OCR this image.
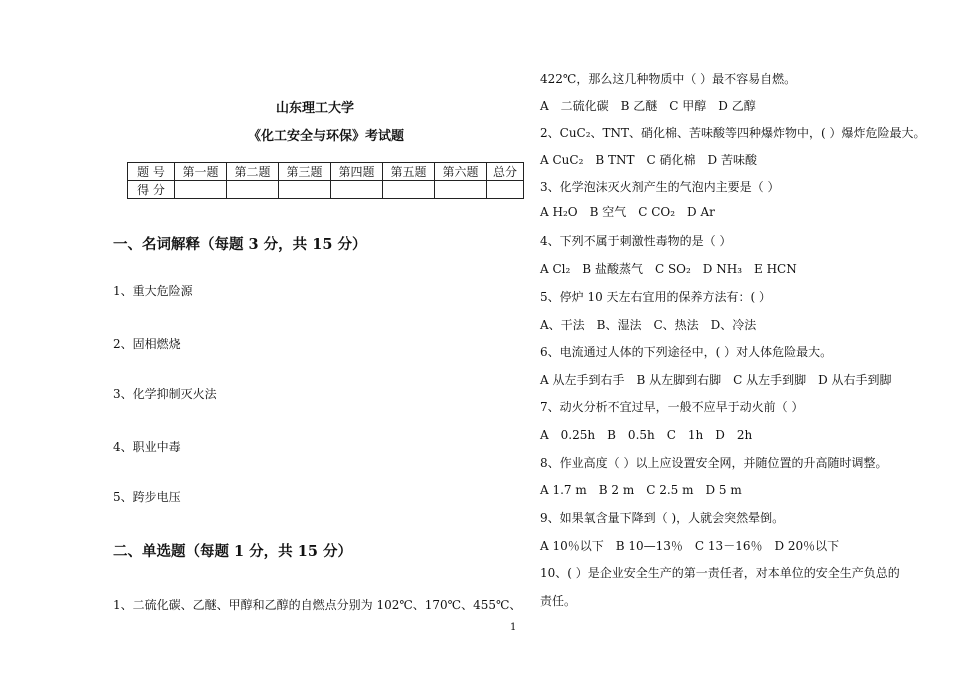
山东理工大学
《化工安全与环保》考试题
题 号	第一题	第二题	第三题	第四题	第五题	第六题	总分
得 分							
一、名词解释（每题 3 分，共 15 分）
1、重大危险源
2、固相燃烧
3、化学抑制灭火法
4、职业中毒
5、跨步电压
二、单选题（每题 1 分，共 15 分）
1、二硫化碳、乙醚、甲醇和乙醇的自燃点分别为 102℃、170℃、455℃、
422℃，那么这几种物质中（ ）最不容易自燃。
A　二硫化碳　B 乙醚　C 甲醇　D 乙醇
2、CuC₂、TNT、硝化棉、苦味酸等四种爆炸物中，( ）爆炸危险最大。
A CuC₂　B TNT　C 硝化棉　D 苦味酸
3、化学泡沫灭火剂产生的气泡内主要是（ ）
A H₂O　B 空气　C CO₂　D Ar
4、下列不属于刺激性毒物的是（ ）
A Cl₂　B 盐酸蒸气　C SO₂　D NH₃　E HCN
5、停炉 10 天左右宜用的保养方法有：( ）
A、干法　B、湿法　C、热法　D、冷法
6、电流通过人体的下列途径中，( ）对人体危险最大。
A 从左手到右手　B 从左脚到右脚　C 从左手到脚　D 从右手到脚
7、动火分析不宜过早，一般不应早于动火前（ ）
A　0.25h　B　0.5h　C　1h　D　2h
8、作业高度（ ）以上应设置安全网，并随位置的升高随时调整。
A 1.7 m　B 2 m　C 2.5 m　D 5 m
9、如果氧含量下降到（ )，人就会突然晕倒。
A 10％以下　B 10—13％　C 13－16％　D 20％以下
10、( ）是企业安全生产的第一责任者，对本单位的安全生产负总的
责任。
1
